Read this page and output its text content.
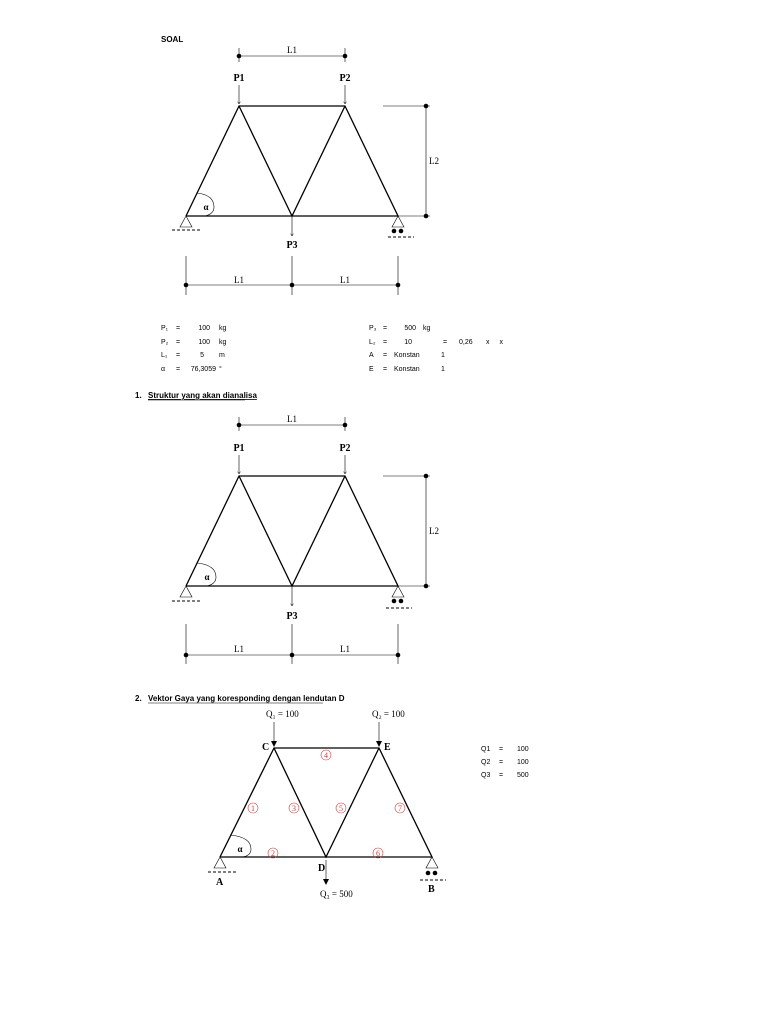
SOAL
L1
P1	P2
α
P3
L2
L1	L1
P₁ =	100 kg
P₂ =	100 kg
L₁ =	5 m
α = 76,3059 °
P₃ = 500 kg
L₂ = 10	= 0,26 x x
A = Konstan	1
E = Konstan	1
1. Struktur yang akan dianalisa
L1
P1	P2
α
P3
L2
L1	L1
2. Vektor Gaya yang koresponding dengan lendutan D
Q₁ = 100	Q₂ = 100
C	E
D
A
B
α
Q₃ = 500
1
2
3
4
5
6
7
Q1 = 100
Q2 = 100
Q3 = 500
